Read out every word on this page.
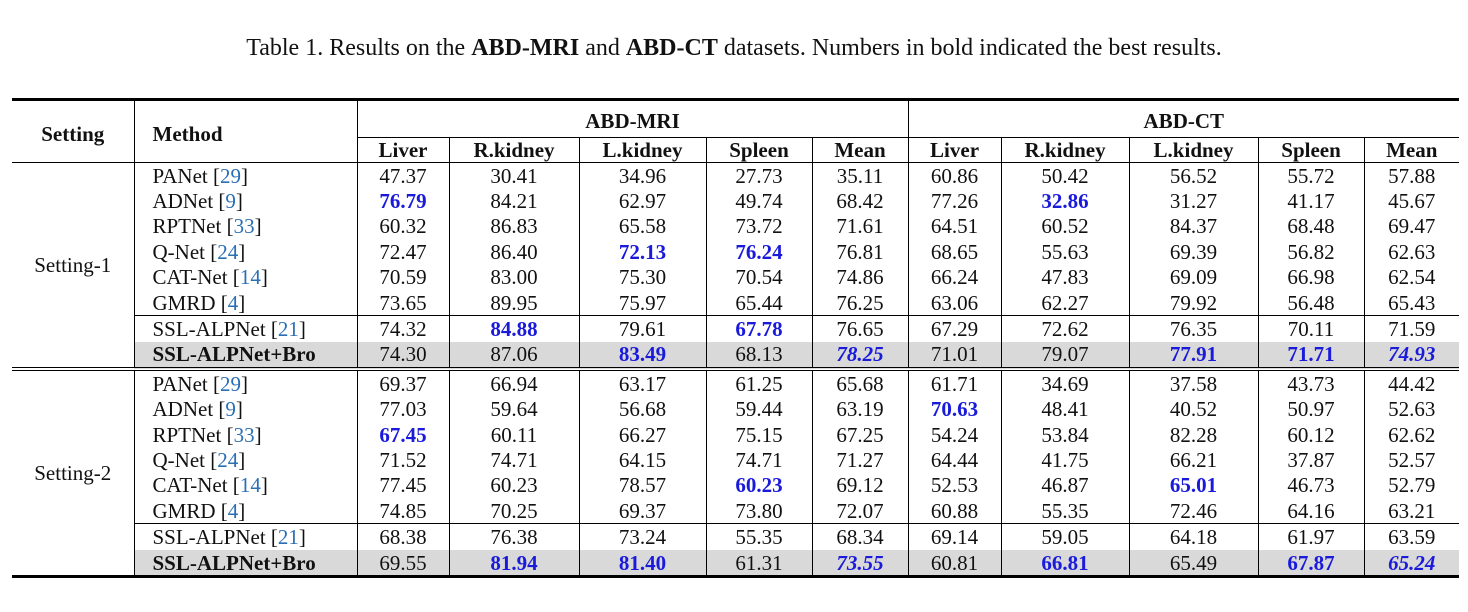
Table 1. Results on the ABD-MRI and ABD-CT datasets. Numbers in bold indicated the best results.
Setting	Method	ABD-MRI					ABD-CT				
		Liver	R.kidney	L.kidney	Spleen	Mean	Liver	R.kidney	L.kidney	Spleen	Mean
Setting-1	PANet [29]	47.37	30.41	34.96	27.73	35.11	60.86	50.42	56.52	55.72	57.88
	ADNet [9]	76.79	84.21	62.97	49.74	68.42	77.26	32.86	31.27	41.17	45.67
	RPTNet [33]	60.32	86.83	65.58	73.72	71.61	64.51	60.52	84.37	68.48	69.47
	Q-Net [24]	72.47	86.40	72.13	76.24	76.81	68.65	55.63	69.39	56.82	62.63
	CAT-Net [14]	70.59	83.00	75.30	70.54	74.86	66.24	47.83	69.09	66.98	62.54
	GMRD [4]	73.65	89.95	75.97	65.44	76.25	63.06	62.27	79.92	56.48	65.43
	SSL-ALPNet [21]	74.32	84.88	79.61	67.78	76.65	67.29	72.62	76.35	70.11	71.59
	SSL-ALPNet+Bro	74.30	87.06	83.49	68.13	78.25	71.01	79.07	77.91	71.71	74.93
Setting-2	PANet [29]	69.37	66.94	63.17	61.25	65.68	61.71	34.69	37.58	43.73	44.42
	ADNet [9]	77.03	59.64	56.68	59.44	63.19	70.63	48.41	40.52	50.97	52.63
	RPTNet [33]	67.45	60.11	66.27	75.15	67.25	54.24	53.84	82.28	60.12	62.62
	Q-Net [24]	71.52	74.71	64.15	74.71	71.27	64.44	41.75	66.21	37.87	52.57
	CAT-Net [14]	77.45	60.23	78.57	60.23	69.12	52.53	46.87	65.01	46.73	52.79
	GMRD [4]	74.85	70.25	69.37	73.80	72.07	60.88	55.35	72.46	64.16	63.21
	SSL-ALPNet [21]	68.38	76.38	73.24	55.35	68.34	69.14	59.05	64.18	61.97	63.59
	SSL-ALPNet+Bro	69.55	81.94	81.40	61.31	73.55	60.81	66.81	65.49	67.87	65.24
